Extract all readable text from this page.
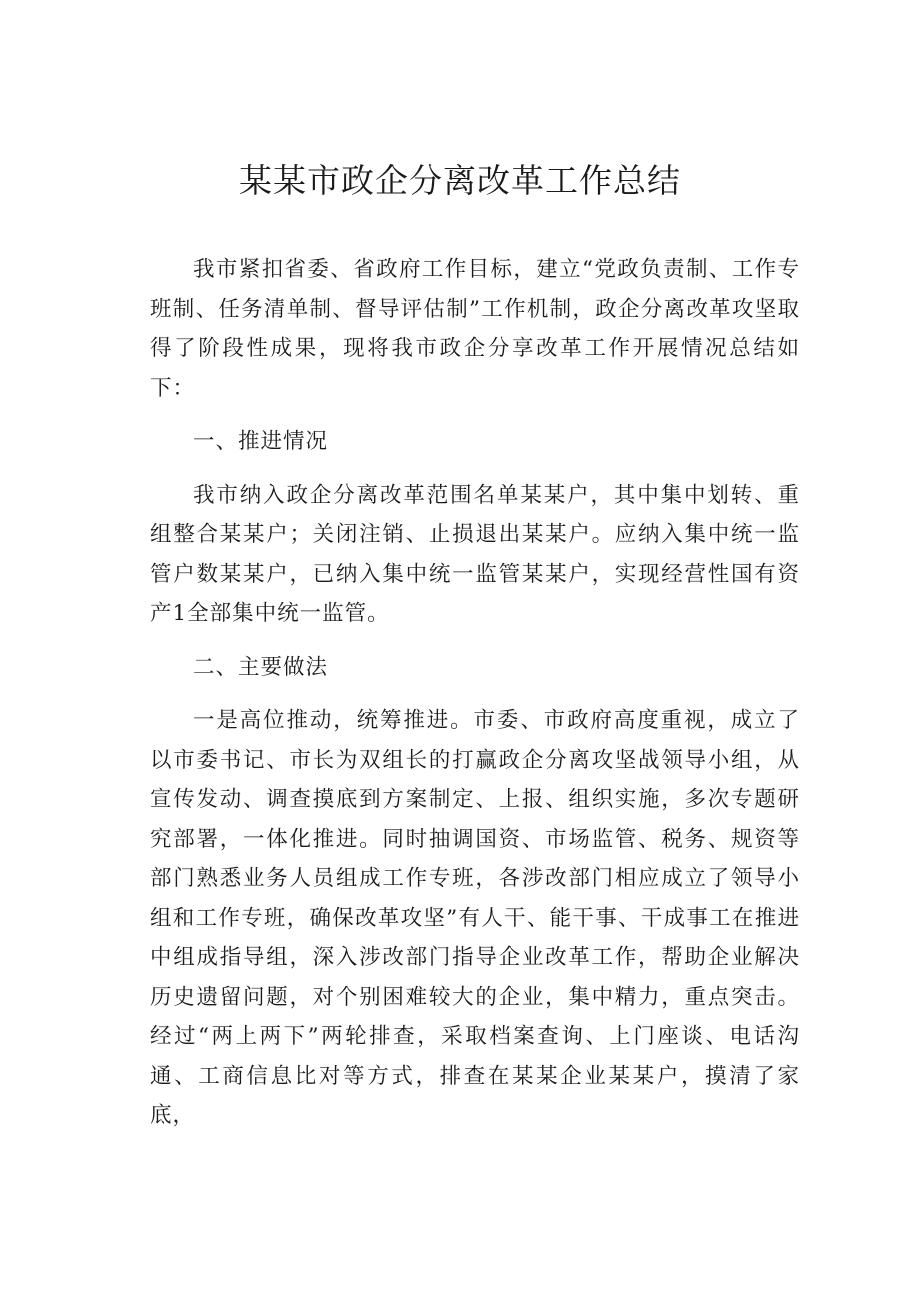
某某市政企分离改革工作总结

我市紧扣省委、省政府工作目标，建立“党政负责制、工作专班制、任务清单制、督导评估制”工作机制，政企分离改革攻坚取得了阶段性成果，现将我市政企分享改革工作开展情况总结如下：

一、推进情况

我市纳入政企分离改革范围名单某某户，其中集中划转、重组整合某某户；关闭注销、止损退出某某户。应纳入集中统一监管户数某某户，已纳入集中统一监管某某户，实现经营性国有资产1全部集中统一监管。

二、主要做法

一是高位推动，统筹推进。市委、市政府高度重视，成立了以市委书记、市长为双组长的打赢政企分离攻坚战领导小组，从宣传发动、调查摸底到方案制定、上报、组织实施，多次专题研究部署，一体化推进。同时抽调国资、市场监管、税务、规资等部门熟悉业务人员组成工作专班，各涉改部门相应成立了领导小组和工作专班，确保改革攻坚”有人干、能干事、干成事工在推进中组成指导组，深入涉改部门指导企业改革工作，帮助企业解决历史遗留问题，对个别困难较大的企业，集中精力，重点突击。经过“两上两下”两轮排查，采取档案查询、上门座谈、电话沟通、工商信息比对等方式，排查在某某企业某某户，摸清了家底，
